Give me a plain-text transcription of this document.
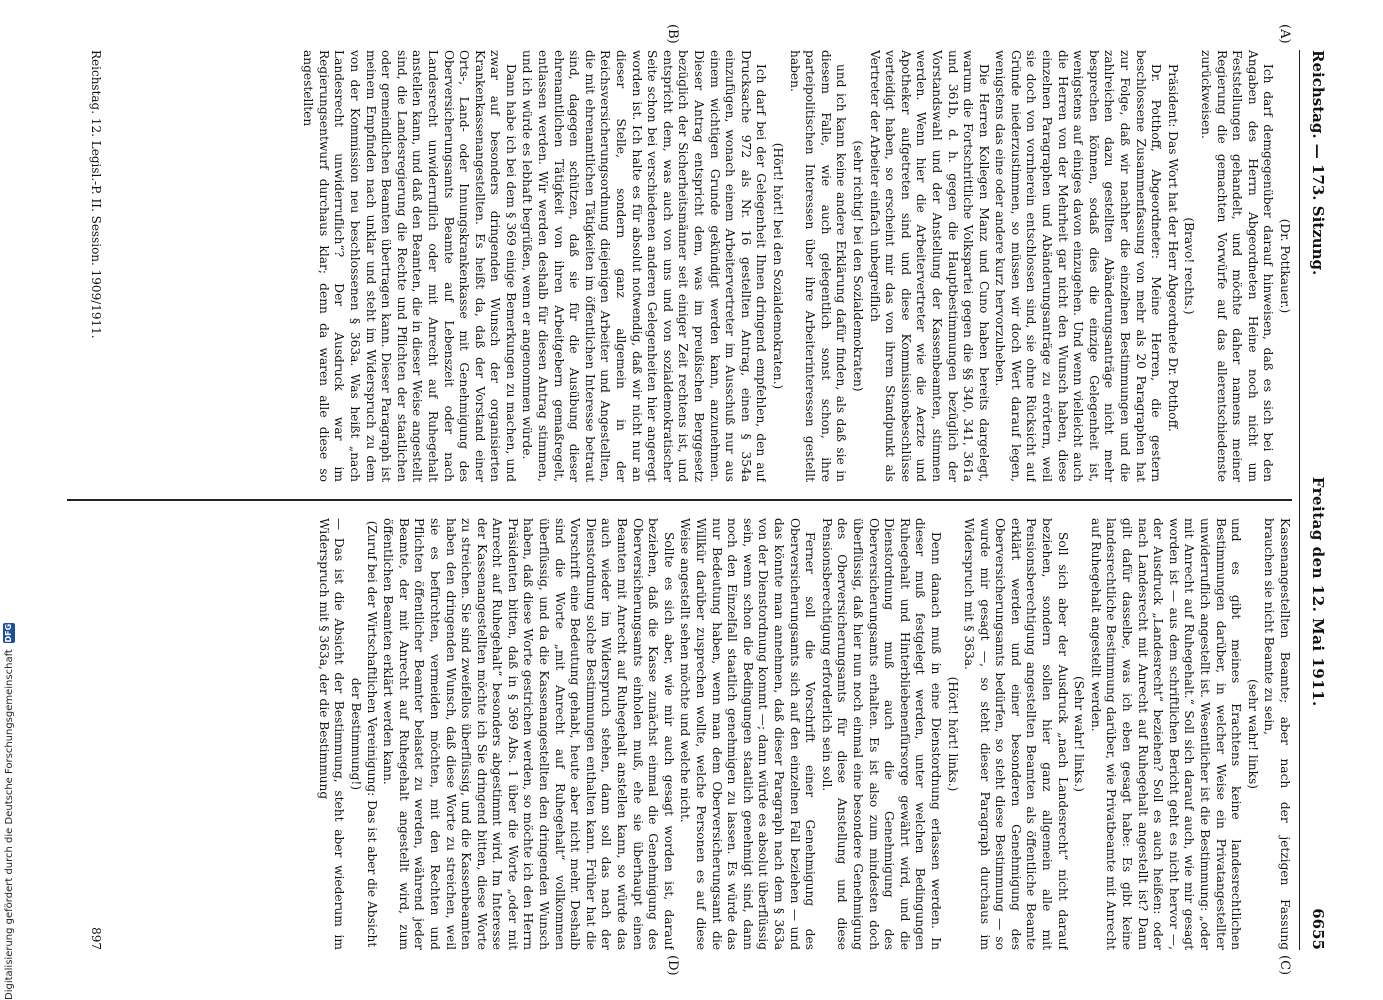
Reichstag. — 173. Sitzung.
Freitag den 12. Mai 1911.
6655

(Dr. Pottkauer.)

Ich darf demgegenüber darauf hinweisen, daß es sich bei den Angaben des Herrn Abgeordneten Heine noch nicht um Feststellungen gehandelt, und möchte daher namens meiner Regierung die gemachten Vorwürfe auf das allerentschiedenste zurückweisen.

(Bravo! rechts.)

Präsident: Das Wort hat der Herr Abgeordnete Dr. Potthoff.

Dr. Potthoff, Abgeordneter: Meine Herren, die gestern beschlossene Zusammenfassung von mehr als 20 Paragraphen hat zur Folge, daß wir nachher die einzelnen Bestimmungen und die zahlreichen dazu gestellten Abänderungsanträge nicht mehr besprechen können, sodaß dies die einzige Gelegenheit ist, wenigstens auf einiges davon einzugehen. Und wenn vielleicht auch die Herren von der Mehrheit gar nicht den Wunsch haben, diese einzelnen Paragraphen und Abänderungsanträge zu erörtern, weil sie doch von vornherein entschlossen sind, sie ohne Rücksicht auf Gründe niederzustimmen, so müssen wir doch Wert darauf legen, wenigstens das eine oder andere kurz hervorzuheben.

Die Herren Kollegen Manz und Cuno haben bereits dargelegt, warum die Fortschrittliche Volkspartei gegen die §§ 340, 341, 361a und 361b, d. h. gegen die Hauptbestimmungen bezüglich der Vorstandswahl und der Anstellung der Kassenbeamten, stimmen werden. Wenn hier die Arbeitervertreter wie die Aerzte und Apotheker aufgetreten sind und diese Kommissionsbeschlüsse verteidigt haben, so erscheint mir das von ihrem Standpunkt als Vertreter der Arbeiter einfach unbegreiflich

(sehr richtig! bei den Sozialdemokraten)

und ich kann keine andere Erklärung dafür finden, als daß sie in diesem Falle, wie auch gelegentlich sonst schon, ihre parteipolitischen Interessen über ihre Arbeiterinteressen gestellt haben.

(Hört! hört! bei den Sozialdemokraten.)

Ich darf bei der Gelegenheit Ihnen dringend empfehlen, den auf Drucksache 972 als Nr. 16 gestellten Antrag, einen § 354a einzufügen, wonach einem Arbeitervertreter im Ausschuß nur aus einem wichtigen Grunde gekündigt werden kann, anzunehmen. Dieser Antrag entspricht dem, was im preußischen Berggesetz bezüglich der Sicherheitsmänner seit einiger Zeit rechtens ist, und entspricht dem, was auch von uns und von sozialdemokratischer Seite schon bei verschiedenen anderen Gelegenheiten hier angeregt worden ist. Ich halte es für absolut notwendig, daß wir nicht nur an dieser Stelle, sondern ganz allgemein in der Reichsversicherungsordnung diejenigen Arbeiter und Angestellten, die mit ehrenamtlichen Tätigkeiten im öffentlichen Interesse betraut sind, dagegen schützen, daß sie für die Ausübung dieser ehrenamtlichen Tätigkeit von ihren Arbeitgebern gemaßregelt, entlassen werden. Wir werden deshalb für diesen Antrag stimmen, und ich würde es lebhaft begrüßen, wenn er angenommen würde.

Dann habe ich bei dem § 369 einige Bemerkungen zu machen, und zwar auf besonders dringenden Wunsch der organisierten Krankenkassenangestellten. Es heißt da, daß der Vorstand einer Orts-, Land- oder Innungskrankenkasse mit Genehmigung des Oberversicherungsamts Beamte auf Lebenszeit oder nach Landesrecht unwiderruflich oder mit Anrecht auf Ruhegehalt anstellen kann, und daß den Beamten, die in dieser Weise angestellt sind, die Landesregierung die Rechte und Pflichten der staatlichen oder gemeindlichen Beamten übertragen kann. Dieser Paragraph ist meinem Empfinden nach unklar und steht im Widerspruch zu dem von der Kommission neu beschlossenen § 363a. Was heißt „nach Landesrecht unwiderruflich“? Der Ausdruck war im Regierungsentwurf durchaus klar; denn da waren alle diese so angestellten

Kassenangestellten Beamte; aber nach der jetzigen Fassung brauchen sie nicht Beamte zu sein,

(sehr wahr! links)

und es gibt meines Erachtens keine landesrechtlichen Bestimmungen darüber, in welcher Weise ein Privatangestellter unwiderruflich angestellt ist. Wesentlicher ist die Bestimmung: „oder mit Anrecht auf Ruhegehalt.“ Soll sich darauf auch, wie mir gesagt worden ist — aus dem schriftlichen Bericht geht es nicht hervor —, der Ausdruck „Landesrecht“ beziehen? Soll es auch heißen: oder nach Landesrecht mit Anrecht auf Ruhegehalt angestellt ist? Dann gilt dafür dasselbe, was ich eben gesagt habe: Es gibt keine landesrechtliche Bestimmung darüber, wie Privatbeamte mit Anrecht auf Ruhegehalt angestellt werden.

(Sehr wahr! links.)

Soll sich aber der Ausdruck „nach Landesrecht“ nicht darauf beziehen, sondern sollen hier ganz allgemein alle mit Pensionsberechtigung angestellten Beamten als öffentliche Beamte erklärt werden und einer besonderen Genehmigung des Oberversicherungsamts bedürfen, so steht diese Bestimmung — so wurde mir gesagt —, so steht dieser Paragraph durchaus im Widerspruch mit § 363a.

(Hört! hört! links.)

Denn danach muß in eine Dienstordnung erlassen werden. In dieser muß festgelegt werden, unter welchen Bedingungen Ruhegehalt und Hinterbliebenenfürsorge gewährt wird, und die Dienstordnung muß auch die Genehmigung des Oberversicherungsamts erhalten. Es ist also zum mindesten doch überflüssig, daß hier nun noch einmal eine besondere Genehmigung des Oberversicherungsamts für diese Anstellung und diese Pensionsberechtigung erforderlich sein soll.

Ferner soll die Vorschrift einer Genehmigung des Oberversicherungsamts sich auf den einzelnen Fall beziehen — und das könnte man annehmen, daß dieser Paragraph nach dem § 363a von der Dienstordnung kommt —; dann würde es absolut überflüssig sein, wenn schon die Bedingungen staatlich genehmigt sind, dann noch den Einzelfall staatlich genehmigen zu lassen. Es würde das nur Bedeutung haben, wenn man dem Oberversicherungsamt die Willkür darüber zusprechen wollte, welche Personen es auf diese Weise angestellt sehen möchte und welche nicht.

Sollte es sich aber, wie mir auch gesagt worden ist, darauf beziehen, daß die Kasse zunächst einmal die Genehmigung des Oberversicherungsamts einholen muß, ehe sie überhaupt einen Beamten mit Anrecht auf Ruhegehalt anstellen kann, so würde das auch wieder im Widerspruch stehen, dann soll das nach der Dienstordnung solche Bestimmungen enthalten kann. Früher hat die Vorschrift eine Bedeutung gehabt, heute aber nicht mehr. Deshalb sind die Worte „mit Anrecht auf Ruhegehalt“ vollkommen überflüssig, und da die Kassenangestellten den dringenden Wunsch haben, daß diese Worte gestrichen werden, so möchte ich den Herrn Präsidenten bitten, daß in § 369 Abs. 1 über die Worte „oder mit Anrecht auf Ruhegehalt“ besonders abgestimmt wird. Im Interesse der Kassenangestellten möchte ich Sie dringend bitten, diese Worte zu streichen. Sie sind zweifellos überflüssig, und die Kassenbeamten haben den dringenden Wunsch, daß diese Worte zu streichen, weil sie es befürchten, vermeiden möchten, mit den Rechten und Pflichten öffentlicher Beamter belastet zu werden, während jeder Beamte, der mit Anrecht auf Ruhegehalt angestellt wird, zum öffentlichen Beamten erklärt werden kann.

(Zuruf bei der Wirtschaftlichen Vereinigung: Das ist aber die Absicht der Bestimmung!)

— Das ist die Absicht der Bestimmung, steht aber wiederum im Widerspruch mit § 363a, der die Bestimmung

(A)
(B)
(C)
(D)
Reichstag. 12. Legisl.-P. II. Session. 1909/1911.
897
Digitalisierung gefördert durch die Deutsche Forschungsgemeinschaft
DFG
